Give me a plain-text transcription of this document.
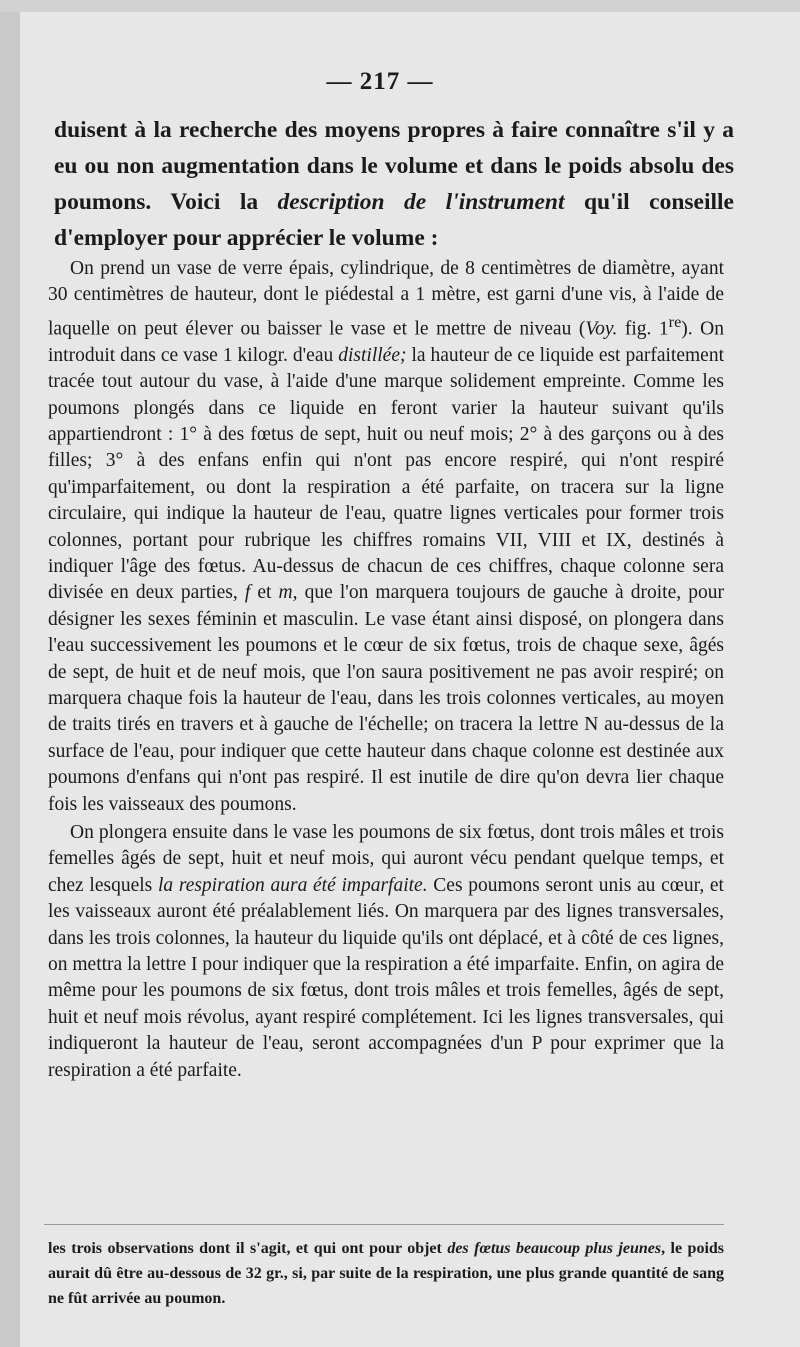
— 217 —
duisent à la recherche des moyens propres à faire connaître s'il y a eu ou non augmentation dans le volume et dans le poids absolu des poumons. Voici la description de l'instrument qu'il conseille d'employer pour apprécier le volume :

On prend un vase de verre épais, cylindrique, de 8 centimètres de diamètre, ayant 30 centimètres de hauteur, dont le piédestal a 1 mètre, est garni d'une vis, à l'aide de laquelle on peut élever ou baisser le vase et le mettre de niveau (Voy. fig. 1re). On introduit dans ce vase 1 kilogr. d'eau distillée; la hauteur de ce liquide est parfaitement tracée tout autour du vase, à l'aide d'une marque solidement empreinte. Comme les poumons plongés dans ce liquide en feront varier la hauteur suivant qu'ils appartiendront : 1° à des fœtus de sept, huit ou neuf mois; 2° à des garçons ou à des filles; 3° à des enfans enfin qui n'ont pas encore respiré, qui n'ont respiré qu'imparfaitement, ou dont la respiration a été parfaite, on tracera sur la ligne circulaire, qui indique la hauteur de l'eau, quatre lignes verticales pour former trois colonnes, portant pour rubrique les chiffres romains VII, VIII et IX, destinés à indiquer l'âge des fœtus. Au-dessus de chacun de ces chiffres, chaque colonne sera divisée en deux parties, f et m, que l'on marquera toujours de gauche à droite, pour désigner les sexes féminin et masculin. Le vase étant ainsi disposé, on plongera dans l'eau successivement les poumons et le cœur de six fœtus, trois de chaque sexe, âgés de sept, de huit et de neuf mois, que l'on saura positivement ne pas avoir respiré; on marquera chaque fois la hauteur de l'eau, dans les trois colonnes verticales, au moyen de traits tirés en travers et à gauche de l'échelle; on tracera la lettre N au-dessus de la surface de l'eau, pour indiquer que cette hauteur dans chaque colonne est destinée aux poumons d'enfans qui n'ont pas respiré. Il est inutile de dire qu'on devra lier chaque fois les vaisseaux des poumons.

On plongera ensuite dans le vase les poumons de six fœtus, dont trois mâles et trois femelles âgés de sept, huit et neuf mois, qui auront vécu pendant quelque temps, et chez lesquels la respiration aura été imparfaite. Ces poumons seront unis au cœur, et les vaisseaux auront été préalablement liés. On marquera par des lignes transversales, dans les trois colonnes, la hauteur du liquide qu'ils ont déplacé, et à côté de ces lignes, on mettra la lettre I pour indiquer que la respiration a été imparfaite. Enfin, on agira de même pour les poumons de six fœtus, dont trois mâles et trois femelles, âgés de sept, huit et neuf mois révolus, ayant respiré complétement. Ici les lignes transversales, qui indiqueront la hauteur de l'eau, seront accompagnées d'un P pour exprimer que la respiration a été parfaite.

les trois observations dont il s'agit, et qui ont pour objet des fœtus beaucoup plus jeunes, le poids aurait dû être au-dessous de 32 gr., si, par suite de la respiration, une plus grande quantité de sang ne fût arrivée au poumon.
